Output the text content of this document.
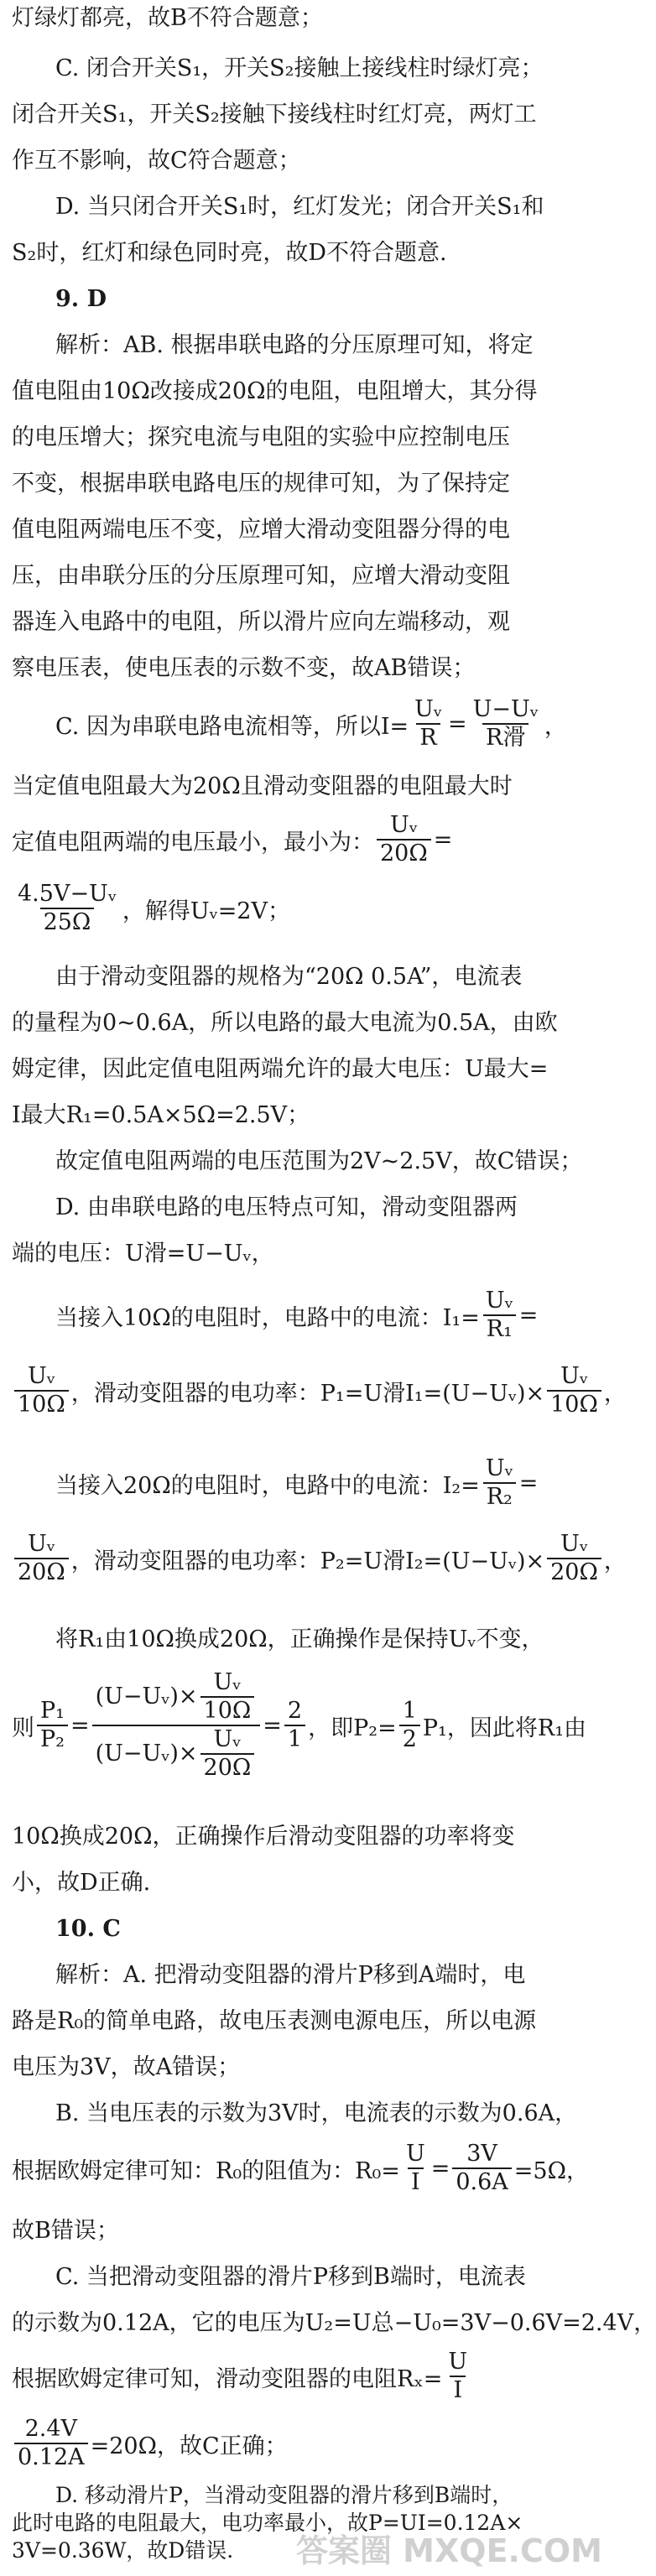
灯绿灯都亮，故B不符合题意；
C. 闭合开关S₁，开关S₂接触上接线柱时绿灯亮；
闭合开关S₁，开关S₂接触下接线柱时红灯亮，两灯工
作互不影响，故C符合题意；
D. 当只闭合开关S₁时，红灯发光；闭合开关S₁和
S₂时，红灯和绿色同时亮，故D不符合题意.
9. D
解析：AB. 根据串联电路的分压原理可知，将定
值电阻由10Ω改接成20Ω的电阻，电阻增大，其分得
的电压增大；探究电流与电阻的实验中应控制电压
不变，根据串联电路电压的规律可知，为了保持定
值电阻两端电压不变，应增大滑动变阻器分得的电
压，由串联分压的分压原理可知，应增大滑动变阻
器连入电路中的电阻，所以滑片应向左端移动，观
察电压表，使电压表的示数不变，故AB错误；
C. 因为串联电路电流相等，所以$I= \frac{\text{Uᵥ}}{R} = \frac{\text{U−Uᵥ}}{\text{R滑}}$ ，
当定值电阻最大为20Ω且滑动变阻器的电阻最大时
定值电阻两端的电压最小，最小为： $\frac{\text{Uᵥ}}{20\Omega}$ =
$\frac{\text{4.5V−Uᵥ}}{25\Omega}$ ，解得Uᵥ=2V；
由于滑动变阻器的规格为“20Ω 0.5A”，电流表
的量程为0~0.6A，所以电路的最大电流为0.5A，由欧
姆定律，因此定值电阻两端允许的最大电压：U最大=
I最大R₁=0.5A×5Ω=2.5V；
故定值电阻两端的电压范围为2V~2.5V，故C错误；
D. 由串联电路的电压特点可知，滑动变阻器两
端的电压：U滑=U−Uᵥ，
当接入10Ω的电阻时，电路中的电流：$I_1= \frac{\text{Uᵥ}}{\text{R₁}}$ =
$\frac{\text{Uᵥ}}{10\Omega}$ ，滑动变阻器的电功率：P₁=U滑I₁=(U−Uᵥ)× $\frac{\text{Uᵥ}}{10\Omega}$ ，
当接入20Ω的电阻时，电路中的电流：$I_2= \frac{\text{Uᵥ}}{\text{R₂}}$ =
$\frac{\text{Uᵥ}}{20\Omega}$ ，滑动变阻器的电功率：P₂=U滑I₂=(U−Uᵥ)× $\frac{\text{Uᵥ}}{20\Omega}$ ，
将R₁由10Ω换成20Ω，正确操作是保持Uᵥ不变，
则 $\frac{\text{P₁}}{\text{P₂}} = \frac{(U-Uᵥ)\times \frac{\text{Uᵥ}}{10\Omega}}{(U-Uᵥ)\times \frac{\text{Uᵥ}}{20\Omega}} = \frac{2}{1}$ ，即$P_2= \frac{1}{2} P_1$，因此将R₁由
10Ω换成20Ω，正确操作后滑动变阻器的功率将变
小，故D正确.
10. C
解析：A. 把滑动变阻器的滑片P移到A端时，电
路是R₀的简单电路，故电压表测电源电压，所以电源
电压为3V，故A错误；
B. 当电压表的示数为3V时，电流表的示数为0.6A，
根据欧姆定律可知：R₀的阻值为：$R_0= \frac{U}{I} = \frac{3V}{0.6A} =5\Omega$，
故B错误；
C. 当把滑动变阻器的滑片P移到B端时，电流表
的示数为0.12A，它的电压为U₂=U总−U₀=3V−0.6V=2.4V，
根据欧姆定律可知，滑动变阻器的电阻$R_x= \frac{U}{I}$
$\frac{2.4V}{0.12A} =20\Omega$，故C正确；
D. 移动滑片P，当滑动变阻器的滑片移到B端时，
此时电路的电阻最大，电功率最小，故P=UI=0.12A×
3V=0.36W，故D错误.	答案圈 MXQE.COM
